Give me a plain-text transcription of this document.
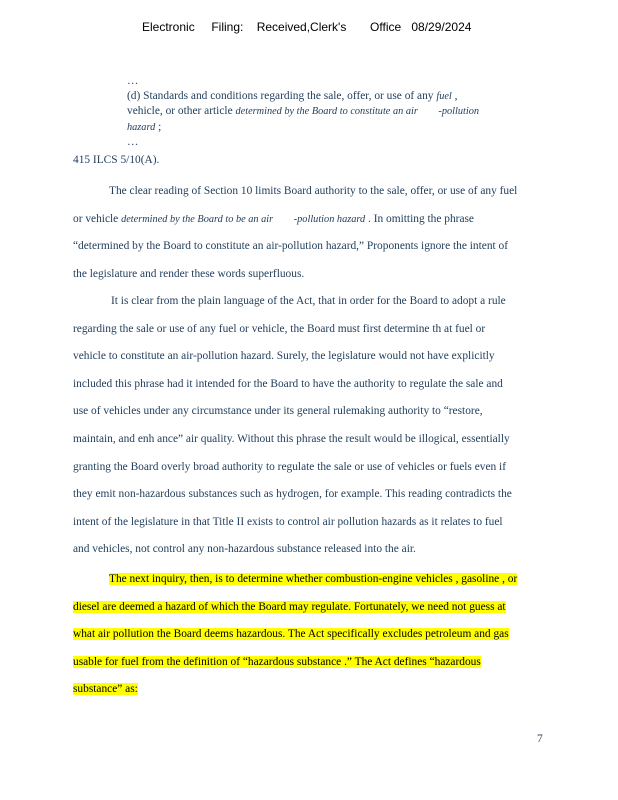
Electronic Filing: Received,Clerk's Office 08/29/2024
…
(d) Standards and conditions regarding the sale, offer, or use of any fuel ,
vehicle, or other article determined by the Board to constitute an air        -pollution
hazard ;
…
415 ILCS 5/10(A).
The clear reading of Section 10 limits Board authority to the sale, offer, or use of any fuel
or vehicle determined by the Board to be an air        -pollution hazard . In omitting the phrase
“determined by the Board to constitute an air-pollution hazard,” Proponents ignore the intent of
the legislature and render these words superfluous.
It is clear from the plain language of the Act, that in order for the Board to adopt a rule
regarding the sale or use of any fuel or vehicle, the Board must first determine th at fuel or
vehicle to constitute an air-pollution hazard. Surely, the legislature would not have explicitly
included this phrase had it intended for the Board to have the authority to regulate the sale and
use of vehicles under any circumstance under its general rulemaking authority to “restore,
maintain, and enh ance” air quality. Without this phrase the result would be illogical, essentially
granting the Board overly broad authority to regulate the sale or use of vehicles or fuels even if
they emit non-hazardous substances such as hydrogen, for example. This reading contradicts the
intent of the legislature in that Title II exists to control air pollution hazards as it relates to fuel
and vehicles, not control any non-hazardous substance released into the air.
The next inquiry, then, is to determine whether combustion-engine vehicles , gasoline , or
diesel are deemed a hazard of which the Board may regulate. Fortunately, we need not guess at
what air pollution the Board deems hazardous. The Act specifically excludes petroleum and gas
usable for fuel from the definition of “hazardous substance .” The Act defines “hazardous
substance” as:
7
